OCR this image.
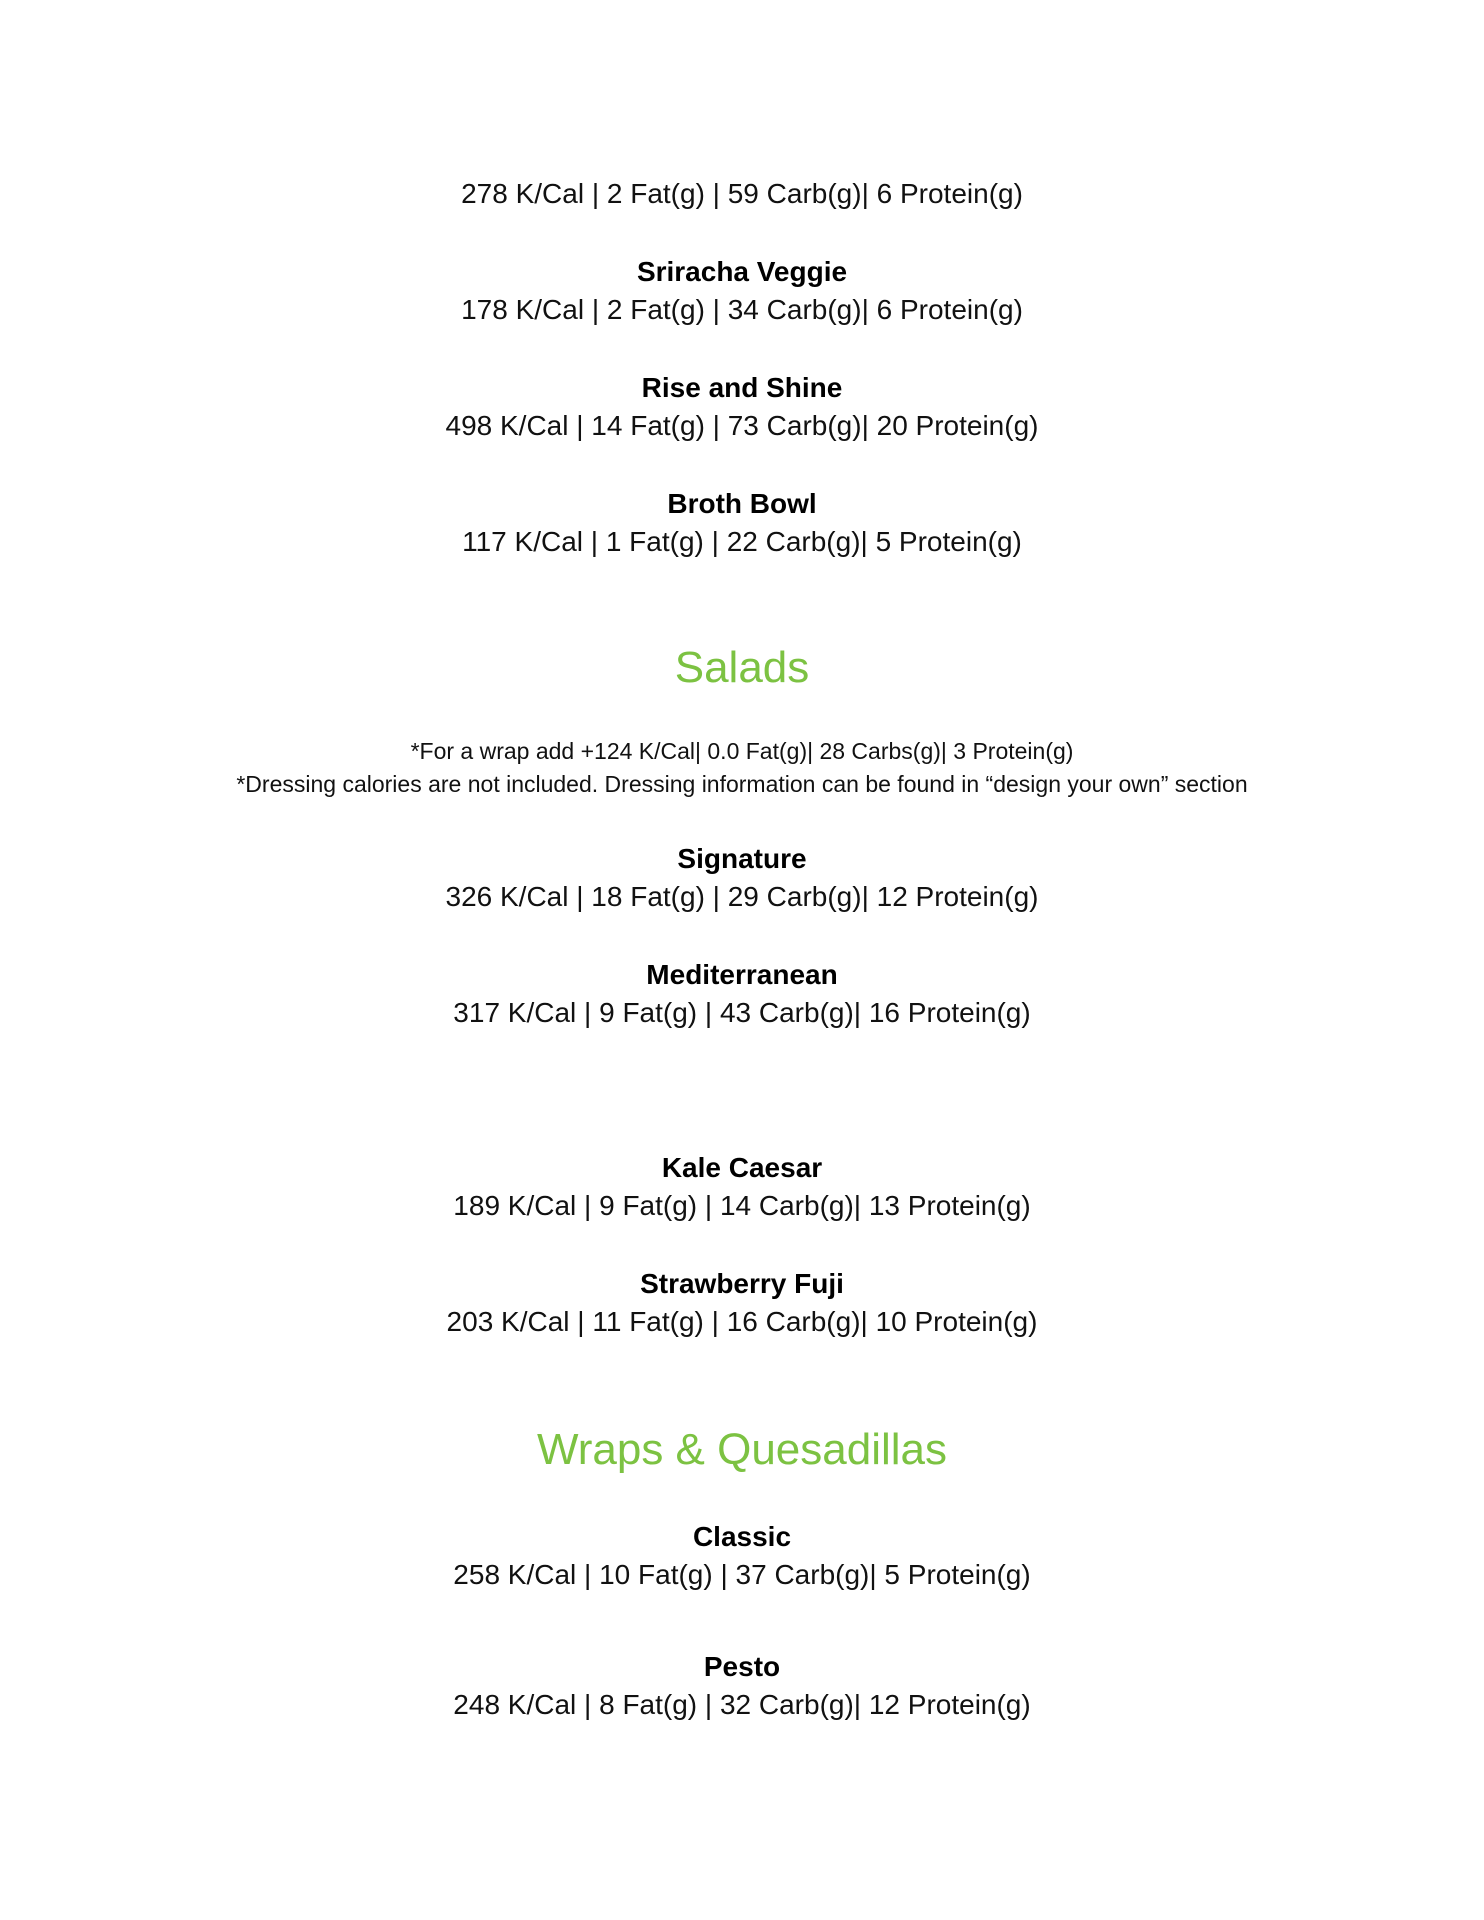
278 K/Cal | 2 Fat(g) | 59 Carb(g)| 6 Protein(g)
Sriracha Veggie
178 K/Cal | 2 Fat(g) | 34 Carb(g)| 6 Protein(g)
Rise and Shine
498 K/Cal | 14 Fat(g) | 73 Carb(g)| 20 Protein(g)
Broth Bowl
117 K/Cal | 1 Fat(g) | 22 Carb(g)| 5 Protein(g)
Salads
*For a wrap add +124 K/Cal| 0.0 Fat(g)| 28 Carbs(g)| 3 Protein(g)
*Dressing calories are not included. Dressing information can be found in “design your own” section
Signature
326 K/Cal | 18 Fat(g) | 29 Carb(g)| 12 Protein(g)
Mediterranean
317 K/Cal | 9 Fat(g) | 43 Carb(g)| 16 Protein(g)
Kale Caesar
189 K/Cal | 9 Fat(g) | 14 Carb(g)| 13 Protein(g)
Strawberry Fuji
203 K/Cal | 11 Fat(g) | 16 Carb(g)| 10 Protein(g)
Wraps & Quesadillas
Classic
258 K/Cal | 10 Fat(g) | 37 Carb(g)| 5 Protein(g)
Pesto
248 K/Cal | 8 Fat(g) | 32 Carb(g)| 12 Protein(g)
